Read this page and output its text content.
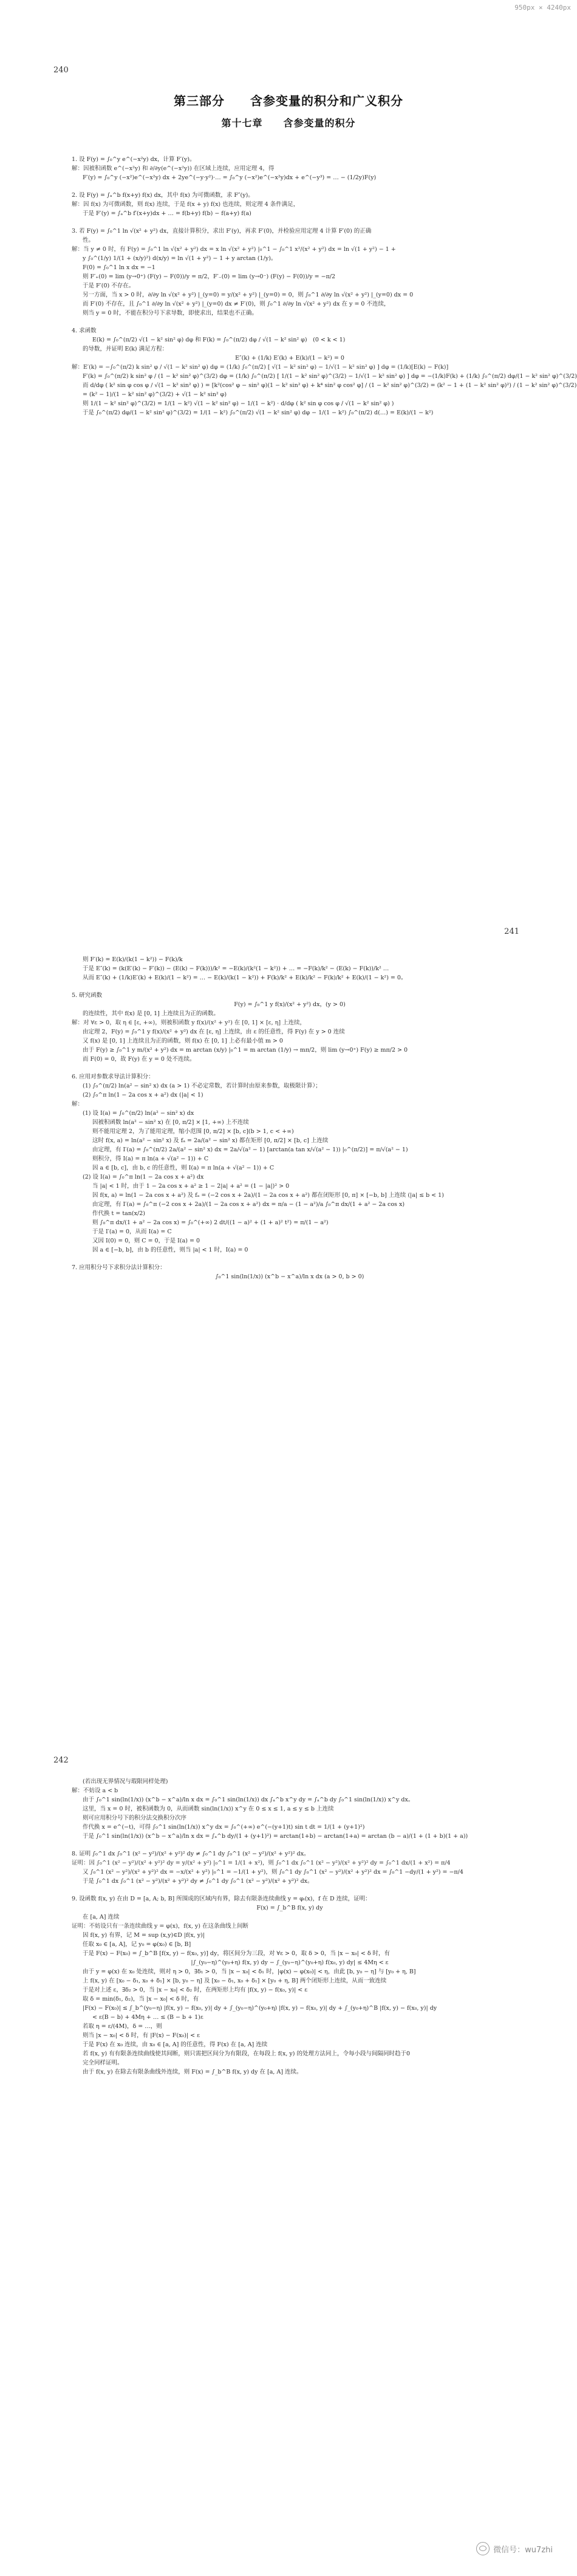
950px × 4240px
240
第三部分　　含参变量的积分和广义积分
第十七章　　含参变量的积分
1. 设 F(y) = ∫₀^y e^(−x²y) dx，计算 F′(y)。
解：因被积函数 e^(−x²y) 和 ∂/∂y(e^(−x²y)) 在区域上连续，应用定理 4，得
F′(y) = ∫₀^y (−x²)e^(−x²y) dx + 2ye^(−y·y²)·… = ∫₀^y (−x²)e^(−x²y)dx + e^(−y³) = … − (1/2y)F(y)
2. 设 F(y) = ∫ₐ^b f(x+y) f(x) dx，其中 f(x) 为可微函数，求 F″(y)。
解：因 f(x) 为可微函数，则 f(x) 连续，于是 f(x + y) f(x) 也连续，则定理 4 条件满足，
于是 F′(y) = ∫ₐ^b f′(x+y)dx + … = f(b+y) f(b) − f(a+y) f(a)
3. 若 F(y) = ∫₀^1 ln √(x² + y²) dx，直接计算积分，求出 F′(y)，再求 F′(0)，并检验应用定理 4 计算 F′(0) 的正确
性。
解：当 y ≠ 0 时，有 F(y) = ∫₀^1 ln √(x² + y²) dx = x ln √(x² + y²) |₀^1 − ∫₀^1 x²/(x² + y²) dx = ln √(1 + y²) − 1 +
y ∫₀^(1/y) 1/(1 + (x/y)²) d(x/y) = ln √(1 + y²) − 1 + y arctan (1/y)。
F(0) = ∫₀^1 ln x dx = −1
则 F′₊(0) = lim (y→0⁺) (F(y) − F(0))/y = π/2，F′₋(0) = lim (y→0⁻) (F(y) − F(0))/y = −π/2
于是 F′(0) 不存在。
另一方面，当 x > 0 时，∂/∂y ln √(x² + y²) |_(y=0) = y/(x² + y²) |_(y=0) = 0，则 ∫₀^1 ∂/∂y ln √(x² + y²) |_(y=0) dx = 0
而 F′(0) 不存在，且 ∫₀^1 ∂/∂y ln √(x² + y²) |_(y=0) dx ≠ F′(0)，则 ∫₀^1 ∂/∂y ln √(x² + y²) dx 在 y = 0 不连续，
则当 y = 0 时，不能在积分号下求导数，即使求出，结果也不正确。
4. 求函数
E(k) = ∫₀^(π/2) √(1 − k² sin² φ) dφ 和 F(k) = ∫₀^(π/2) dφ / √(1 − k² sin² φ)　(0 < k < 1)
的导数，并证明 E(k) 满足方程：
E″(k) + (1/k) E′(k) + E(k)/(1 − k²) = 0
解：E′(k) = −∫₀^(π/2) k sin² φ / √(1 − k² sin² φ) dφ = (1/k) ∫₀^(π/2) [ √(1 − k² sin² φ) − 1/√(1 − k² sin² φ) ] dφ = (1/k)[E(k) − F(k)]
F′(k) = ∫₀^(π/2) k sin² φ / (1 − k² sin² φ)^(3/2) dφ = (1/k) ∫₀^(π/2) [ 1/(1 − k² sin² φ)^(3/2) − 1/√(1 − k² sin² φ) ] dφ = −(1/k)F(k) + (1/k) ∫₀^(π/2) dφ/(1 − k² sin² φ)^(3/2)
而 d/dφ ( k² sin φ cos φ / √(1 − k² sin² φ) ) = [k²(cos² φ − sin² φ)(1 − k² sin² φ) + k⁴ sin² φ cos² φ] / (1 − k² sin² φ)^(3/2) = (k² − 1 + (1 − k² sin² φ)²) / (1 − k² sin² φ)^(3/2)
= (k² − 1)/(1 − k² sin² φ)^(3/2) + √(1 − k² sin² φ)
则 1/(1 − k² sin² φ)^(3/2) = 1/(1 − k²) √(1 − k² sin² φ) − 1/(1 − k²) · d/dφ ( k² sin φ cos φ / √(1 − k² sin² φ) )
于是 ∫₀^(π/2) dφ/(1 − k² sin² φ)^(3/2) = 1/(1 − k²) ∫₀^(π/2) √(1 − k² sin² φ) dφ − 1/(1 − k²) ∫₀^(π/2) d(…) = E(k)/(1 − k²)
241
则 F′(k) = E(k)/(k(1 − k²)) − F(k)/k
于是 E″(k) = (k(E′(k) − F′(k)) − (E(k) − F(k)))/k² = −E(k)/(k²(1 − k²)) + … = −F(k)/k² − (E(k) − F(k))/k² …
从而 E″(k) + (1/k)E′(k) + E(k)/(1 − k²) = … − E(k)/(k(1 − k²)) + F(k)/k² + E(k)/k² − F(k)/k² + E(k)/(1 − k²) = 0。
5. 研究函数
F(y) = ∫₀^1 y f(x)/(x² + y²) dx，(y > 0)
的连续性，其中 f(x) 是 [0, 1] 上连续且为正的函数。
解：对 ∀ε > 0，取 η ∈ [ε, +∞)，则被积函数 y f(x)/(x² + y²) 在 [0, 1] × [ε, η] 上连续，
由定理 2，F(y) = ∫₀^1 y f(x)/(x² + y²) dx 在 [ε, η] 上连续，由 ε 的任意性，得 F(y) 在 y > 0 连续
又 f(x) 是 [0, 1] 上连续且为正的函数，则 f(x) 在 [0, 1] 上必有最小值 m > 0
由于 F(y) ≥ ∫₀^1 y m/(x² + y²) dx = m arctan (x/y) |₀^1 = m arctan (1/y) → mπ/2，则 lim (y→0⁺) F(y) ≥ mπ/2 > 0
而 F(0) = 0，故 F(y) 在 y = 0 处不连续。
6. 应用对参数求导法计算积分：
(1) ∫₀^(π/2) ln(a² − sin² x) dx (a > 1) 不必定常数，若计算时由原来参数，取极限计算）；
(2) ∫₀^π ln(1 − 2a cos x + a²) dx (|a| < 1)
解：
(1) 设 I(a) = ∫₀^(π/2) ln(a² − sin² x) dx
因被积函数 ln(a² − sin² x) 在 [0, π/2] × [1, +∞) 上不连续
则不能用定理 2，为了能用定理，缩小范围 [0, π/2] × [b, c](b > 1, c < +∞)
这时 f(x, a) = ln(a² − sin² x) 及 fₐ = 2a/(a² − sin² x) 都在矩形 [0, π/2] × [b, c] 上连续
由定理，有 I′(a) = ∫₀^(π/2) 2a/(a² − sin² x) dx = 2a/√(a² − 1) [arctan(a tan x/√(a² − 1)) |₀^(π/2)] = π/√(a² − 1)
则积分，得 I(a) = π ln(a + √(a² − 1)) + C
因 a ∈ [b, c]，由 b, c 的任意性，则 I(a) = π ln(a + √(a² − 1)) + C
(2) 设 I(a) = ∫₀^π ln(1 − 2a cos x + a²) dx
当 |a| < 1 时，由于 1 − 2a cos x + a² ≥ 1 − 2|a| + a² = (1 − |a|)² > 0
因 f(x, a) = ln(1 − 2a cos x + a²) 及 fₐ = (−2 cos x + 2a)/(1 − 2a cos x + a²) 都在闭矩形 [0, π] × [−b, b] 上连续 (|a| ≤ b < 1)
由定理，有 I′(a) = ∫₀^π (−2 cos x + 2a)/(1 − 2a cos x + a²) dx = π/a − (1 − a²)/a ∫₀^π dx/(1 + a² − 2a cos x)
作代换 t = tan(x/2)
则 ∫₀^π dx/(1 + a² − 2a cos x) = ∫₀^(+∞) 2 dt/((1 − a)² + (1 + a)² t²) = π/(1 − a²)
于是 I′(a) = 0，从而 I(a) = C
又因 I(0) = 0，则 C = 0，于是 I(a) = 0
因 a ∈ [−b, b]，由 b 的任意性，则当 |a| < 1 时，I(a) = 0
7. 应用积分号下求积分法计算积分：
∫₀^1 sin(ln(1/x)) (x^b − x^a)/ln x dx (a > 0, b > 0)
242
(若出现无界情况与瑕限同样处理)
解：不妨设 a < b
由于 ∫₀^1 sin(ln(1/x)) (x^b − x^a)/ln x dx = ∫₀^1 sin(ln(1/x)) dx ∫ₐ^b x^y dy = ∫ₐ^b dy ∫₀^1 sin(ln(1/x)) x^y dx。
这里，当 x = 0 时，被积函数为 0，从而函数 sin(ln(1/x)) x^y 在 0 ≤ x ≤ 1, a ≤ y ≤ b 上连续
则可应用积分号下的积分法交换积分次序
作代换 x = e^(−t)，可得 ∫₀^1 sin(ln(1/x)) x^y dx = ∫₀^(+∞) e^(−(y+1)t) sin t dt = 1/(1 + (y+1)²)
于是 ∫₀^1 sin(ln(1/x)) (x^b − x^a)/ln x dx = ∫ₐ^b dy/(1 + (y+1)²) = arctan(1+b) − arctan(1+a) = arctan (b − a)/(1 + (1 + b)(1 + a))
8. 证明 ∫₀^1 dx ∫₀^1 (x² − y²)/(x² + y²)² dy ≠ ∫₀^1 dy ∫₀^1 (x² − y²)/(x² + y²)² dx。
证明：因 ∫₀^1 (x² − y²)/(x² + y²)² dy = y/(x² + y²) |₀^1 = 1/(1 + x²)，则 ∫₀^1 dx ∫₀^1 (x² − y²)/(x² + y²)² dy = ∫₀^1 dx/(1 + x²) = π/4
又 ∫₀^1 (x² − y²)/(x² + y²)² dx = −x/(x² + y²) |₀^1 = −1/(1 + y²)，则 ∫₀^1 dy ∫₀^1 (x² − y²)/(x² + y²)² dx = ∫₀^1 −dy/(1 + y²) = −π/4
于是 ∫₀^1 dx ∫₀^1 (x² − y²)/(x² + y²)² dy ≠ ∫₀^1 dy ∫₀^1 (x² − y²)/(x² + y²)² dx。
9. 设函数 f(x, y) 在由 D = [a, A; b, B] 所围成的区域内有界，除去有限条连续曲线 y = φᵢ(x)，f 在 D 连续，证明：
F(x) = ∫_b^B f(x, y) dy
在 [a, A] 连续
证明：不妨设只有一条连续曲线 y = φ(x)，f(x, y) 在这条曲线上间断
因 f(x, y) 有界，记 M = sup (x,y)∈D |f(x, y)|
任取 x₀ ∈ [a, A]，记 y₀ = φ(x₀) ∈ [b, B]
于是 F(x) − F(x₀) = ∫_b^B [f(x, y) − f(x₀, y)] dy，将区间分为三段，对 ∀ε > 0，取 δ > 0，当 |x − x₀| < δ 时，有
|∫_(y₀−η)^(y₀+η) f(x, y) dy − ∫_(y₀−η)^(y₀+η) f(x₀, y) dy| ≤ 4Mη < ε
由于 y = φ(x) 在 x₀ 处连续，则对 η > 0，∃δ₁ > 0，当 |x − x₀| < δ₁ 时，|φ(x) − φ(x₀)| < η，由此 [b, y₀ − η] 与 [y₀ + η, B]
上 f(x, y) 在 [x₀ − δ₁, x₀ + δ₁] × [b, y₀ − η] 及 [x₀ − δ₁, x₀ + δ₁] × [y₀ + η, B] 两个闭矩形上连续，从而一致连续
于是对上述 ε，∃δ₂ > 0，当 |x − x₀| < δ₂ 时，在两矩形上均有 |f(x, y) − f(x₀, y)| < ε
取 δ = min(δ₁, δ₂)，当 |x − x₀| < δ 时，有
|F(x) − F(x₀)| ≤ ∫_b^(y₀−η) |f(x, y) − f(x₀, y)| dy + ∫_(y₀−η)^(y₀+η) |f(x, y) − f(x₀, y)| dy + ∫_(y₀+η)^B |f(x, y) − f(x₀, y)| dy
< ε(B − b) + 4Mη + … ≤ (B − b + 1)ε
若取 η = ε/(4M)，δ = …，则
则当 |x − x₀| < δ 时，有 |F(x) − F(x₀)| < ε
于是 F(x) 在 x₀ 连续，由 x₀ ∈ [a, A] 的任意性，得 F(x) 在 [a, A] 连续
若 f(x, y) 有有限条连续曲线使其间断，则只需把区间分为有限段，在每段上 f(x, y) 的处理方法同上，令每小段与间隔同时趋于0
完全同样证明。
由于 f(x, y) 在除去有限条曲线外连续，则 F(x) = ∫_b^B f(x, y) dy 在 [a, A] 连续。
微信号：wu7zhi
